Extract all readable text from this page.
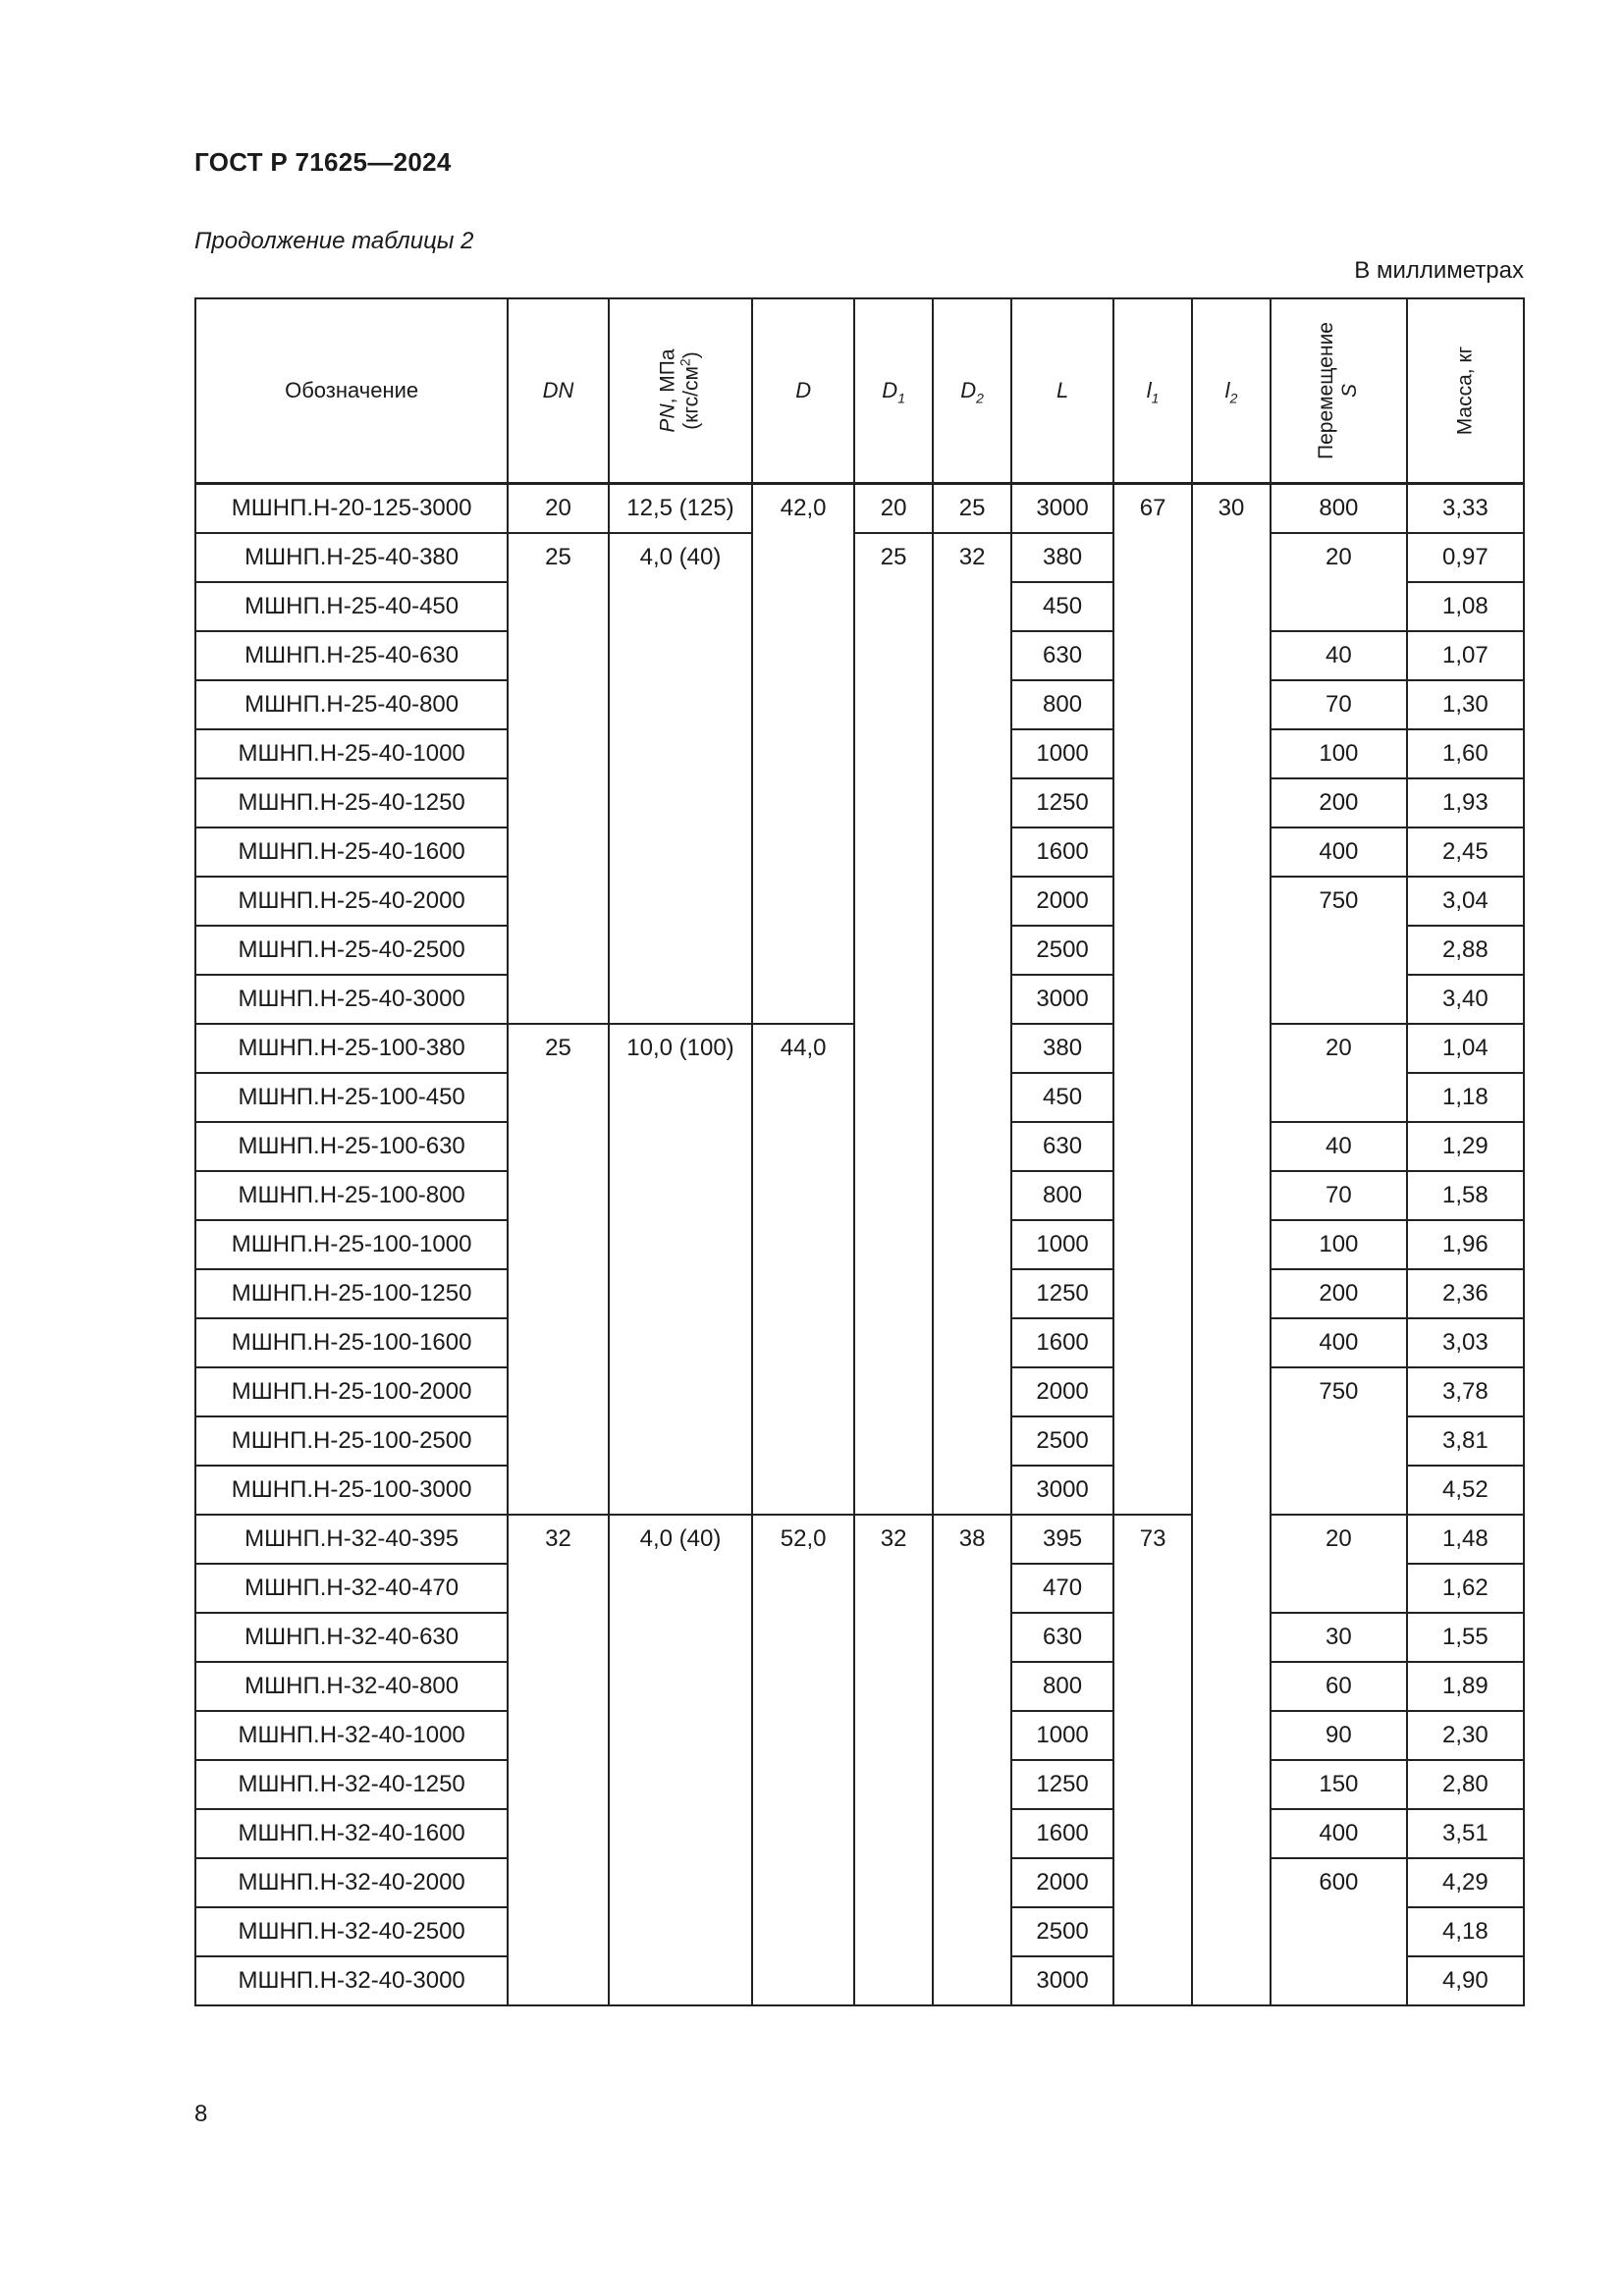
ГОСТ Р 71625—2024
Продолжение таблицы 2
В миллиметрах
Обозначение	DN	PN, МПа
$(кгс/см^2)$	D	$D_1$	$D_2$	L	$l_1$	$l_2$	Перемещение
S	Масса, кг

МШНП.Н-20-125-3000	20	12,5 (125)	42,0	20	25	3000	67	30	800	3,33
МШНП.Н-25-40-380	25	4,0 (40)		25	32	380			20	0,97
МШНП.Н-25-40-450						450				1,08
МШНП.Н-25-40-630						630			40	1,07
МШНП.Н-25-40-800						800			70	1,30
МШНП.Н-25-40-1000						1000			100	1,60
МШНП.Н-25-40-1250						1250			200	1,93
МШНП.Н-25-40-1600						1600			400	2,45
МШНП.Н-25-40-2000						2000			750	3,04
МШНП.Н-25-40-2500						2500				2,88
МШНП.Н-25-40-3000						3000				3,40
МШНП.Н-25-100-380	25	10,0 (100)	44,0			380			20	1,04
МШНП.Н-25-100-450						450				1,18
МШНП.Н-25-100-630						630			40	1,29
МШНП.Н-25-100-800						800			70	1,58
МШНП.Н-25-100-1000						1000			100	1,96
МШНП.Н-25-100-1250						1250			200	2,36
МШНП.Н-25-100-1600						1600			400	3,03
МШНП.Н-25-100-2000						2000			750	3,78
МШНП.Н-25-100-2500						2500				3,81
МШНП.Н-25-100-3000						3000				4,52
МШНП.Н-32-40-395	32	4,0 (40)	52,0	32	38	395	73		20	1,48
МШНП.Н-32-40-470						470				1,62
МШНП.Н-32-40-630						630			30	1,55
МШНП.Н-32-40-800						800			60	1,89
МШНП.Н-32-40-1000						1000			90	2,30
МШНП.Н-32-40-1250						1250			150	2,80
МШНП.Н-32-40-1600						1600			400	3,51
МШНП.Н-32-40-2000						2000			600	4,29
МШНП.Н-32-40-2500						2500				4,18
МШНП.Н-32-40-3000						3000				4,90
8
